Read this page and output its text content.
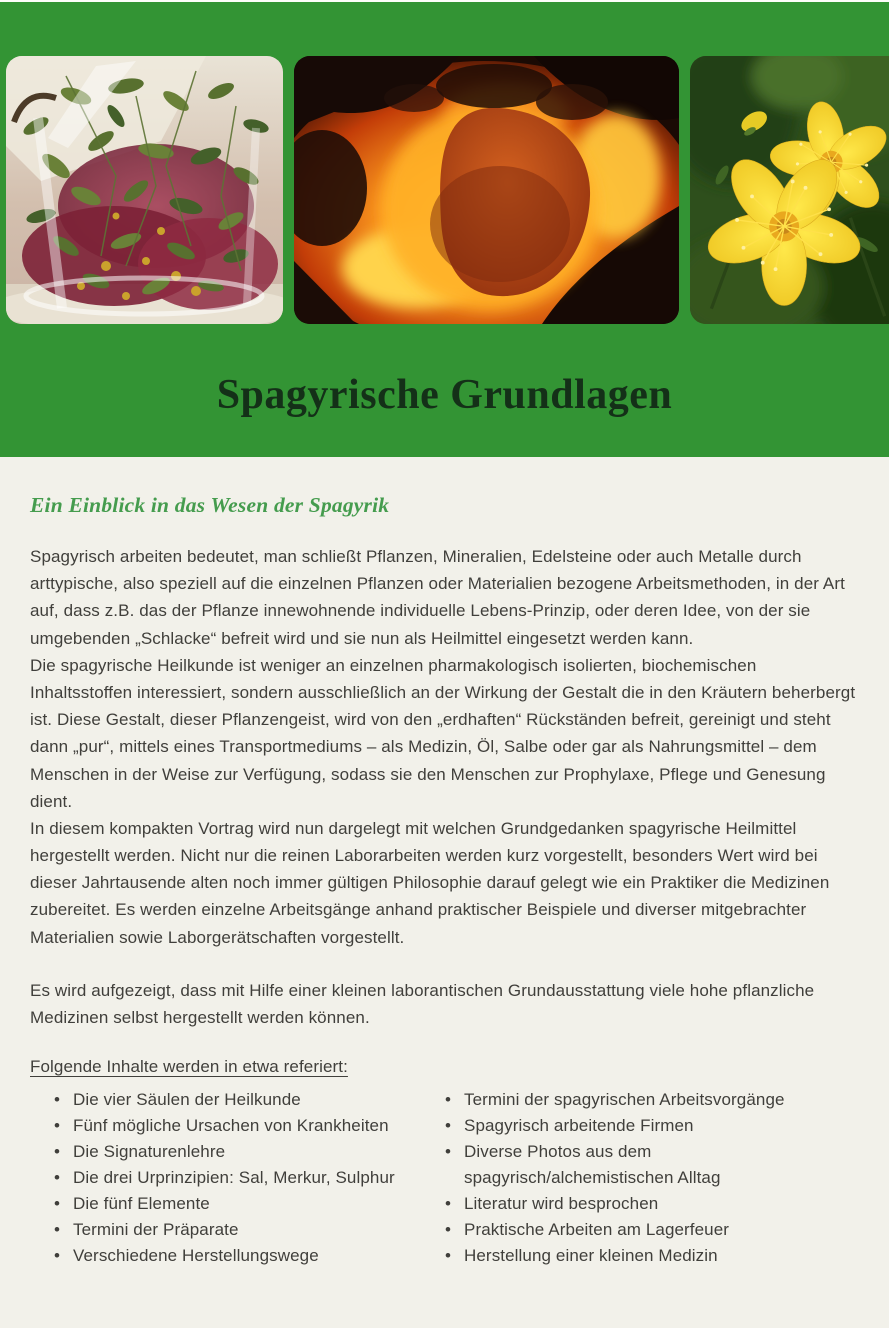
Spagyrische Grundlagen
Ein Einblick in das Wesen der Spagyrik

Spagyrisch arbeiten bedeutet, man schließt Pflanzen, Mineralien, Edelsteine oder auch Metalle durch arttypische, also speziell auf die einzelnen Pflanzen oder Materialien bezogene Arbeitsmethoden, in der Art auf, dass z.B. das der Pflanze innewohnende individuelle Lebens-Prinzip, oder deren Idee, von der sie umgebenden „Schlacke“ befreit wird und sie nun als Heilmittel eingesetzt werden kann.

Die spagyrische Heilkunde ist weniger an einzelnen pharmakologisch isolierten, biochemischen Inhaltsstoffen interessiert, sondern ausschließlich an der Wirkung der Gestalt die in den Kräutern beherbergt ist. Diese Gestalt, dieser Pflanzengeist, wird von den „erdhaften“ Rückständen befreit, gereinigt und steht dann „pur“, mittels eines Transportmediums – als Medizin, Öl, Salbe oder gar als Nahrungsmittel – dem Menschen in der Weise zur Verfügung, sodass sie den Menschen zur Prophylaxe, Pflege und Genesung dient.

In diesem kompakten Vortrag wird nun dargelegt mit welchen Grundgedanken spagyrische Heilmittel hergestellt werden. Nicht nur die reinen Laborarbeiten werden kurz vorgestellt, besonders Wert wird bei dieser Jahrtausende alten noch immer gültigen Philosophie darauf gelegt wie ein Praktiker die Medizinen zubereitet. Es werden einzelne Arbeitsgänge anhand praktischer Beispiele und diverser mitgebrachter Materialien sowie Laborgerätschaften vorgestellt.

Es wird aufgezeigt, dass mit Hilfe einer kleinen laborantischen Grundausstattung viele hohe pflanzliche Medizinen selbst hergestellt werden können.

Folgende Inhalte werden in etwa referiert:
• Die vier Säulen der Heilkunde
• Fünf mögliche Ursachen von Krankheiten
• Die Signaturenlehre
• Die drei Urprinzipien: Sal, Merkur, Sulphur
• Die fünf Elemente
• Termini der Präparate
• Verschiedene Herstellungswege
• Termini der spagyrischen Arbeitsvorgänge
• Spagyrisch arbeitende Firmen
• Diverse Photos aus dem spagyrisch/alchemistischen Alltag
• Literatur wird besprochen
• Praktische Arbeiten am Lagerfeuer
• Herstellung einer kleinen Medizin
